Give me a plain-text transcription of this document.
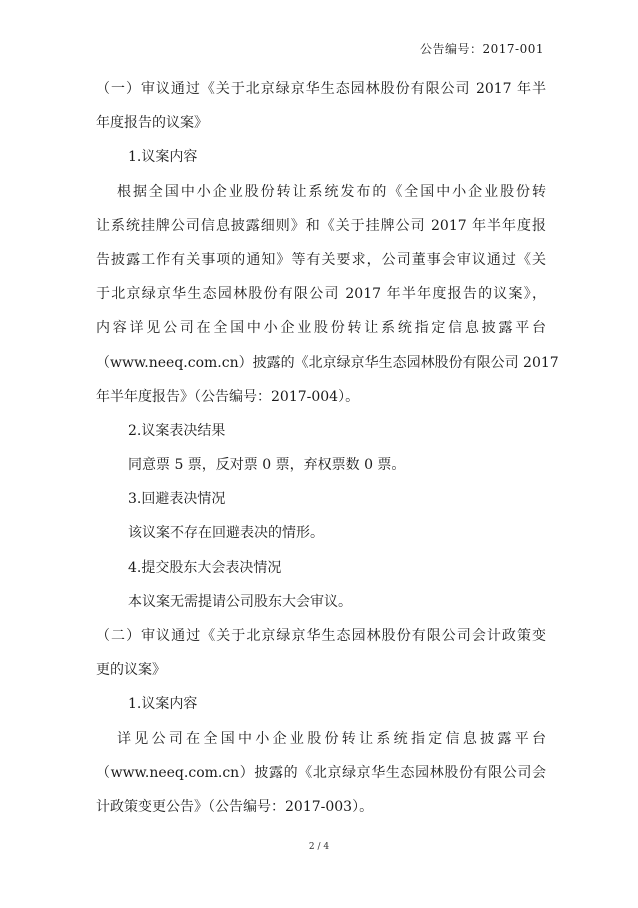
公告编号：2017-001
（一）审议通过《关于北京绿京华生态园林股份有限公司 2017 年半
年度报告的议案》
1.议案内容
根据全国中小企业股份转让系统发布的《全国中小企业股份转
让系统挂牌公司信息披露细则》和《关于挂牌公司 2017 年半年度报
告披露工作有关事项的通知》等有关要求，公司董事会审议通过《关
于北京绿京华生态园林股份有限公司 2017 年半年度报告的议案》，
内容详见公司在全国中小企业股份转让系统指定信息披露平台
（www.neeq.com.cn）披露的《北京绿京华生态园林股份有限公司 2017
年半年度报告》（公告编号：2017-004）。
2.议案表决结果
同意票 5 票，反对票 0 票，弃权票数 0 票。
3.回避表决情况
该议案不存在回避表决的情形。
4.提交股东大会表决情况
本议案无需提请公司股东大会审议。
（二）审议通过《关于北京绿京华生态园林股份有限公司会计政策变
更的议案》
1.议案内容
详见公司在全国中小企业股份转让系统指定信息披露平台
（www.neeq.com.cn）披露的《北京绿京华生态园林股份有限公司会
计政策变更公告》（公告编号：2017-003）。
2 / 4
